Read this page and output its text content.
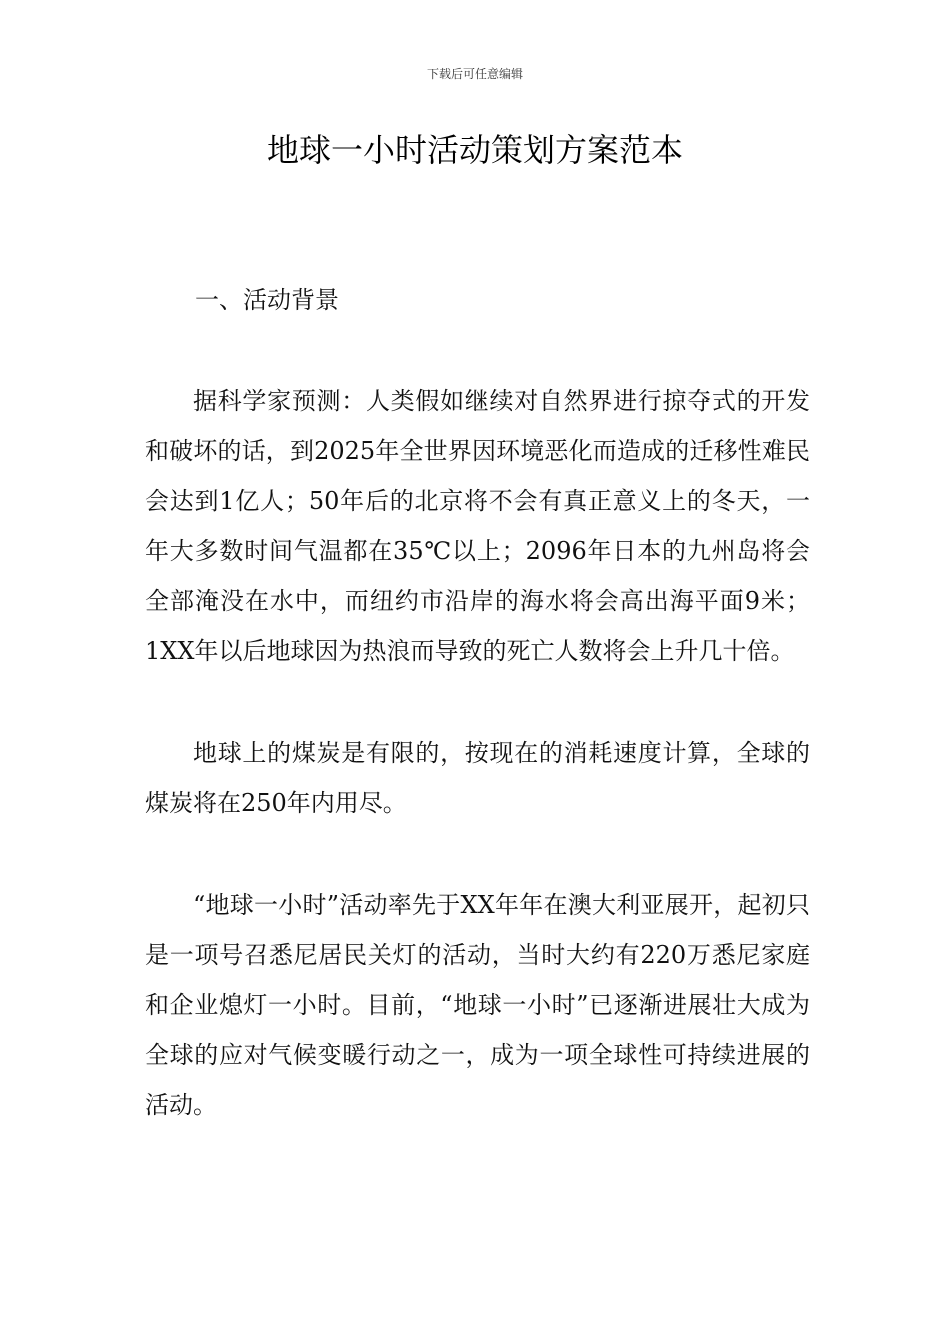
下载后可任意编辑
地球一小时活动策划方案范本
一、活动背景

据科学家预测：人类假如继续对自然界进行掠夺式的开发和破坏的话，到2025年全世界因环境恶化而造成的迁移性难民会达到1亿人；50年后的北京将不会有真正意义上的冬天，一年大多数时间气温都在35℃以上；2096年日本的九州岛将会全部淹没在水中，而纽约市沿岸的海水将会高出海平面9米；1XX年以后地球因为热浪而导致的死亡人数将会上升几十倍。

地球上的煤炭是有限的，按现在的消耗速度计算，全球的煤炭将在250年内用尽。

“地球一小时”活动率先于XX年年在澳大利亚展开，起初只是一项号召悉尼居民关灯的活动，当时大约有220万悉尼家庭和企业熄灯一小时。目前，“地球一小时”已逐渐进展壮大成为全球的应对气候变暖行动之一，成为一项全球性可持续进展的活动。
